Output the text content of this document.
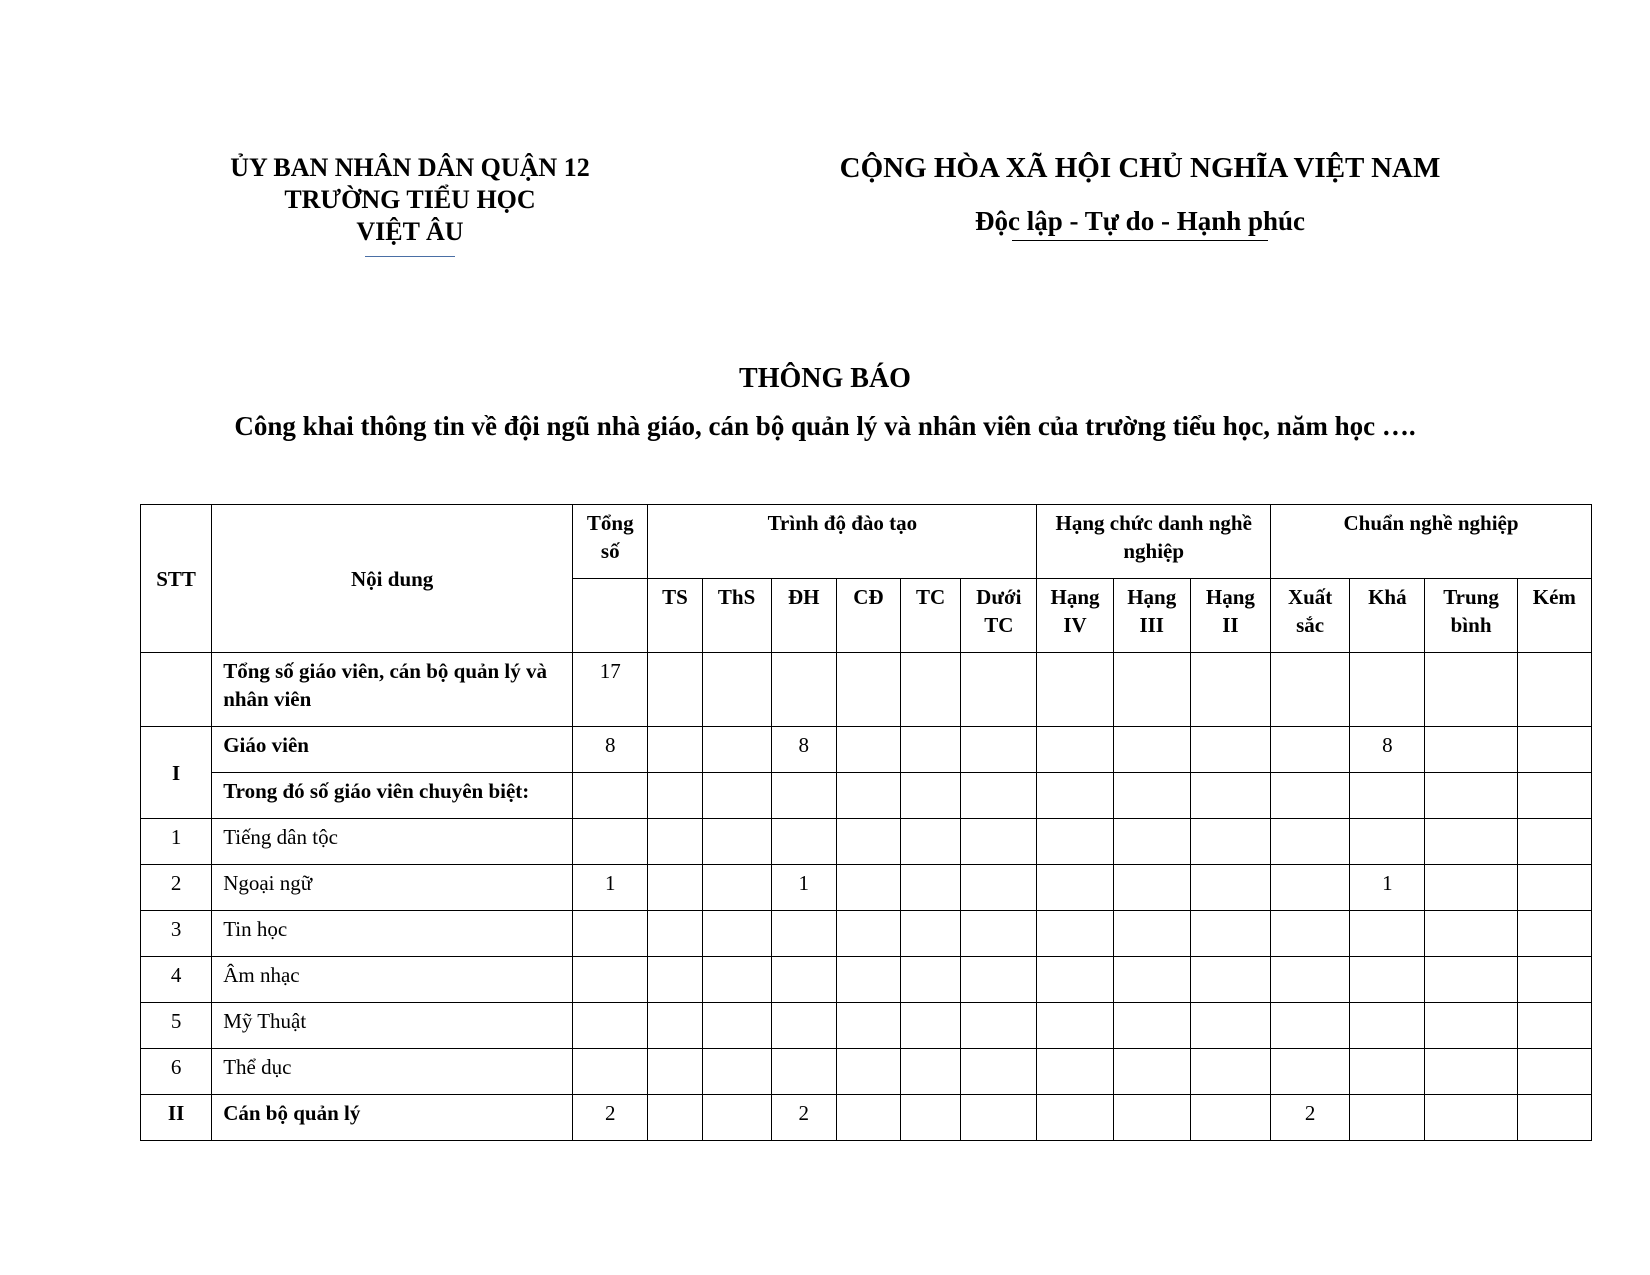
ỦY BAN NHÂN DÂN QUẬN 12
TRƯỜNG TIỂU HỌC
VIỆT ÂU
CỘNG HÒA XÃ HỘI CHỦ NGHĨA VIỆT NAM
Độc lập - Tự do - Hạnh phúc
THÔNG BÁO
Công khai thông tin về đội ngũ nhà giáo, cán bộ quản lý và nhân viên của trường tiểu học, năm học ….
STT	Nội dung	Tổng số	Trình độ đào tạo						Hạng chức danh nghề nghiệp			Chuẩn nghề nghiệp			
			TS	ThS	ĐH	CĐ	TC	Dưới TC	Hạng IV	Hạng III	Hạng II	Xuất sắc	Khá	Trung bình	Kém
	Tổng số giáo viên, cán bộ quản lý và nhân viên	17													
I	Giáo viên	8			8								8		
	Trong đó số giáo viên chuyên biệt:														
1	Tiếng dân tộc														
2	Ngoại ngữ	1			1								1		
3	Tin học														
4	Âm nhạc														
5	Mỹ Thuật														
6	Thể dục														
II	Cán bộ quản lý	2			2							2			
